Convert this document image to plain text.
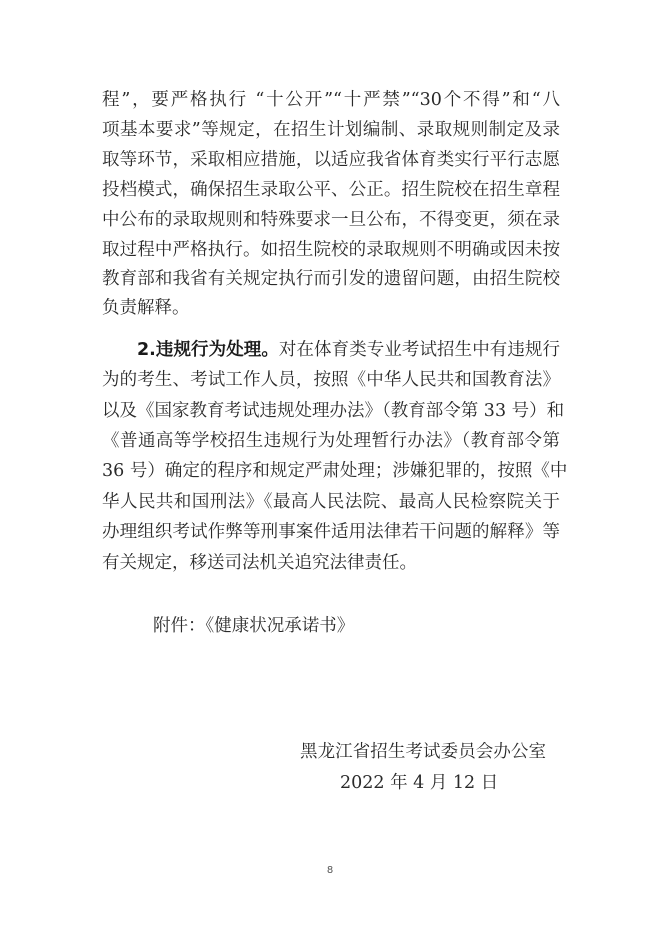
程”，要严格执行 “十公开”“十严禁”“30个不得”和“八
项基本要求”等规定，在招生计划编制、录取规则制定及录
取等环节，采取相应措施，以适应我省体育类实行平行志愿
投档模式，确保招生录取公平、公正。招生院校在招生章程
中公布的录取规则和特殊要求一旦公布，不得变更，须在录
取过程中严格执行。如招生院校的录取规则不明确或因未按
教育部和我省有关规定执行而引发的遗留问题，由招生院校
负责解释。
2.违规行为处理。对在体育类专业考试招生中有违规行
为的考生、考试工作人员，按照《中华人民共和国教育法》
以及《国家教育考试违规处理办法》（教育部令第 33 号）和
《普通高等学校招生违规行为处理暂行办法》（教育部令第
36 号）确定的程序和规定严肃处理；涉嫌犯罪的，按照《中
华人民共和国刑法》《最高人民法院、最高人民检察院关于
办理组织考试作弊等刑事案件适用法律若干问题的解释》等
有关规定，移送司法机关追究法律责任。
附件：《健康状况承诺书》
黑龙江省招生考试委员会办公室
2022 年 4 月 12 日
8
